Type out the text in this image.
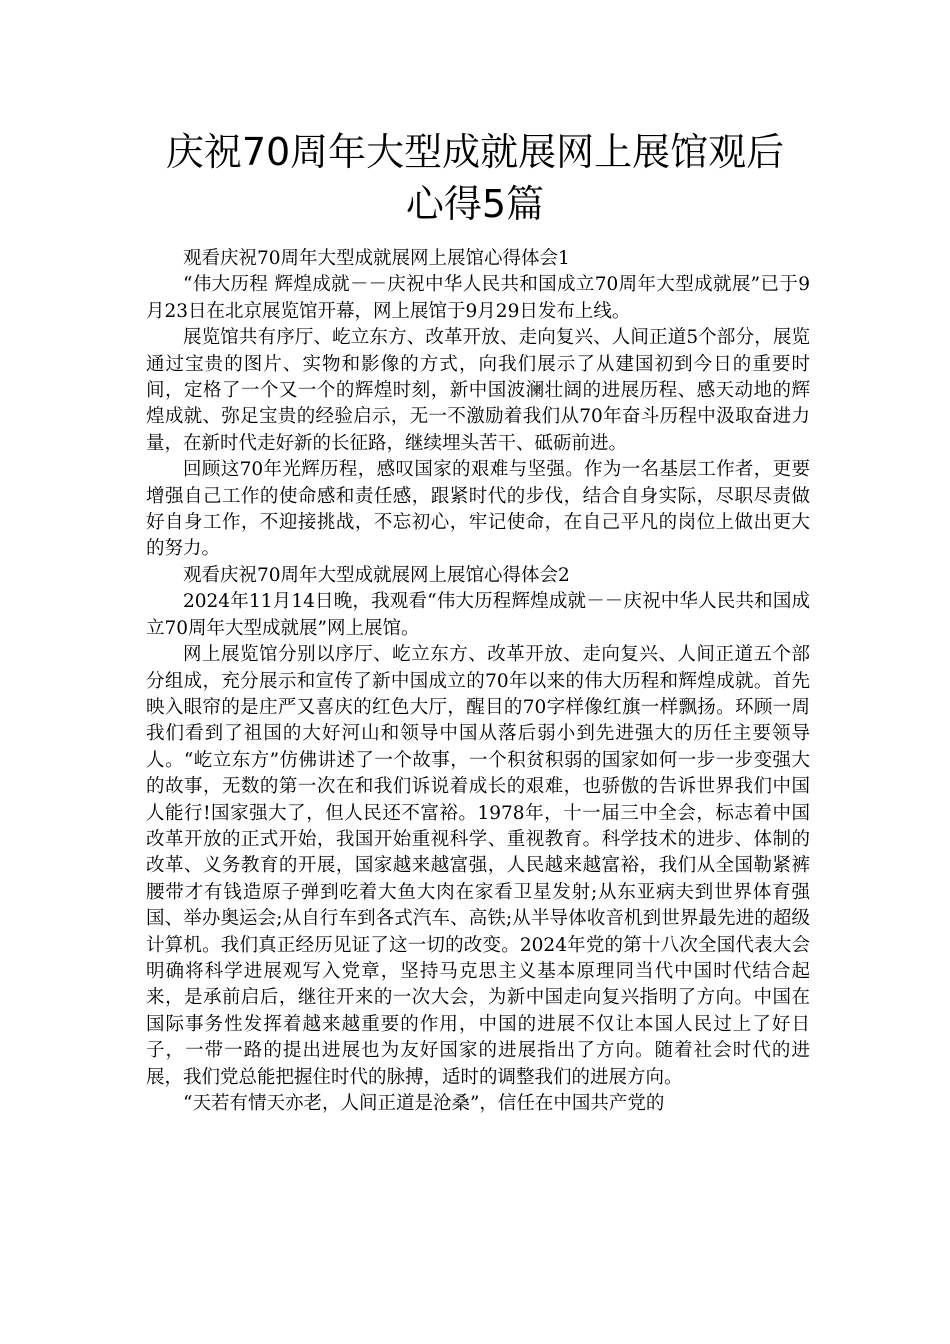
庆祝70周年大型成就展网上展馆观后
心得5篇

观看庆祝70周年大型成就展网上展馆心得体会1

“伟大历程 辉煌成就－－庆祝中华人民共和国成立70周年大型成就展”已于9月23日在北京展览馆开幕，网上展馆于9月29日发布上线。

展览馆共有序厅、屹立东方、改革开放、走向复兴、人间正道5个部分，展览通过宝贵的图片、实物和影像的方式，向我们展示了从建国初到今日的重要时间，定格了一个又一个的辉煌时刻，新中国波澜壮阔的进展历程、感天动地的辉煌成就、弥足宝贵的经验启示，无一不激励着我们从70年奋斗历程中汲取奋进力量，在新时代走好新的长征路，继续埋头苦干、砥砺前进。

回顾这70年光辉历程，感叹国家的艰难与坚强。作为一名基层工作者，更要增强自己工作的使命感和责任感，跟紧时代的步伐，结合自身实际，尽职尽责做好自身工作，不迎接挑战，不忘初心，牢记使命，在自己平凡的岗位上做出更大的努力。

观看庆祝70周年大型成就展网上展馆心得体会2

2024年11月14日晚，我观看“伟大历程辉煌成就－－庆祝中华人民共和国成立70周年大型成就展”网上展馆。

网上展览馆分别以序厅、屹立东方、改革开放、走向复兴、人间正道五个部分组成，充分展示和宣传了新中国成立的70年以来的伟大历程和辉煌成就。首先映入眼帘的是庄严又喜庆的红色大厅，醒目的70字样像红旗一样飘扬。环顾一周我们看到了祖国的大好河山和领导中国从落后弱小到先进强大的历任主要领导人。“屹立东方”仿佛讲述了一个故事，一个积贫积弱的国家如何一步一步变强大的故事，无数的第一次在和我们诉说着成长的艰难，也骄傲的告诉世界我们中国人能行!国家强大了，但人民还不富裕。1978年，十一届三中全会，标志着中国改革开放的正式开始，我国开始重视科学、重视教育。科学技术的进步、体制的改革、义务教育的开展，国家越来越富强，人民越来越富裕，我们从全国勒紧裤腰带才有钱造原子弹到吃着大鱼大肉在家看卫星发射;从东亚病夫到世界体育强国、举办奥运会;从自行车到各式汽车、高铁;从半导体收音机到世界最先进的超级计算机。我们真正经历见证了这一切的改变。2024年党的第十八次全国代表大会明确将科学进展观写入党章，坚持马克思主义基本原理同当代中国时代结合起来，是承前启后，继往开来的一次大会，为新中国走向复兴指明了方向。中国在国际事务性发挥着越来越重要的作用，中国的进展不仅让本国人民过上了好日子，一带一路的提出进展也为友好国家的进展指出了方向。随着社会时代的进展，我们党总能把握住时代的脉搏，适时的调整我们的进展方向。

“天若有情天亦老，人间正道是沧桑”，信任在中国共产党的
